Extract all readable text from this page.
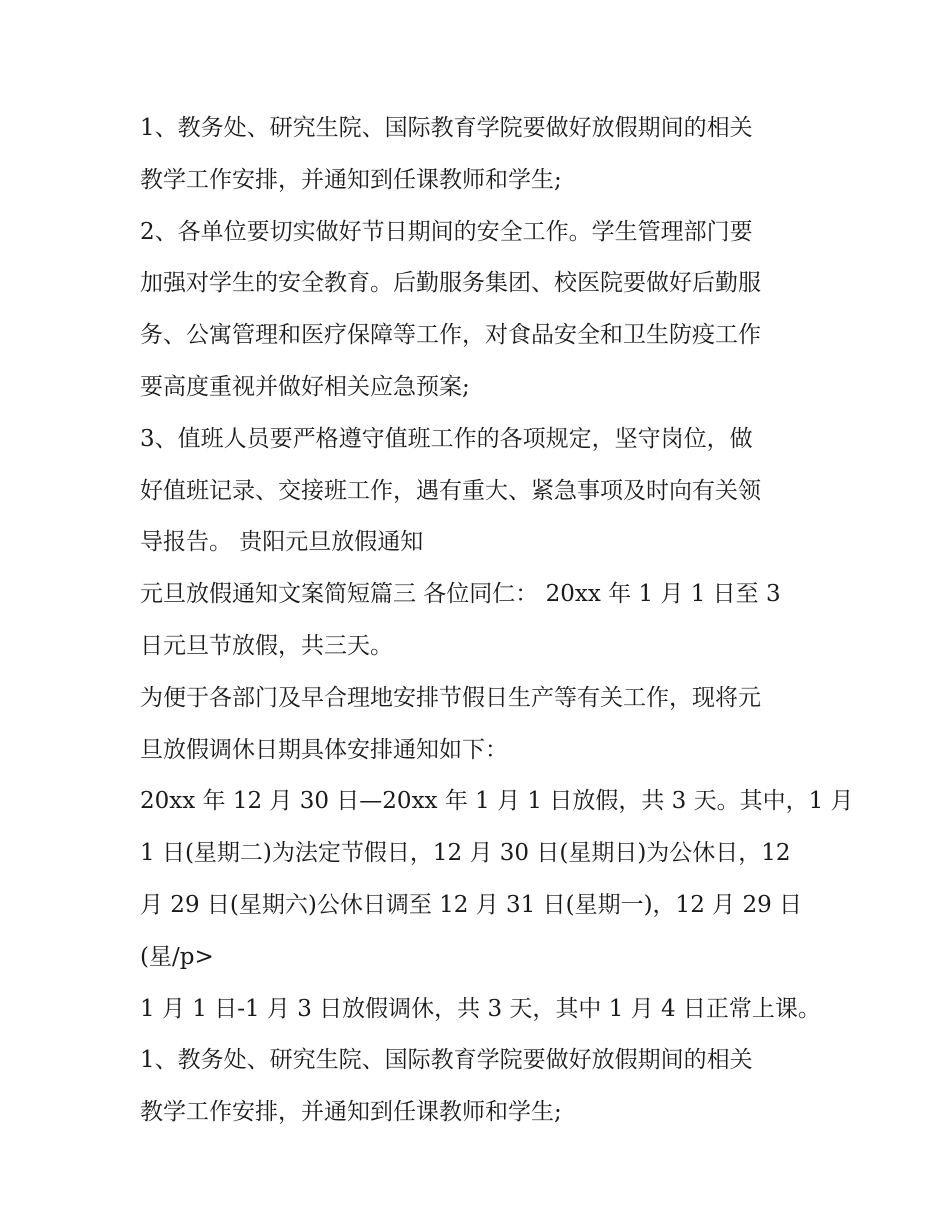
1、教务处、研究生院、国际教育学院要做好放假期间的相关
教学工作安排，并通知到任课教师和学生;
2、各单位要切实做好节日期间的安全工作。学生管理部门要
加强对学生的安全教育。后勤服务集团、校医院要做好后勤服
务、公寓管理和医疗保障等工作，对食品安全和卫生防疫工作
要高度重视并做好相关应急预案;
3、值班人员要严格遵守值班工作的各项规定，坚守岗位，做
好值班记录、交接班工作，遇有重大、紧急事项及时向有关领
导报告。 贵阳元旦放假通知
元旦放假通知文案简短篇三 各位同仁： 20xx 年 1 月 1 日至 3
日元旦节放假，共三天。
为便于各部门及早合理地安排节假日生产等有关工作，现将元
旦放假调休日期具体安排通知如下：
20xx 年 12 月 30 日—20xx 年 1 月 1 日放假，共 3 天。其中，1 月
1 日(星期二)为法定节假日，12 月 30 日(星期日)为公休日，12
月 29 日(星期六)公休日调至 12 月 31 日(星期一)，12 月 29 日
(星/p>
1 月 1 日-1 月 3 日放假调休，共 3 天，其中 1 月 4 日正常上课。
1、教务处、研究生院、国际教育学院要做好放假期间的相关
教学工作安排，并通知到任课教师和学生;
